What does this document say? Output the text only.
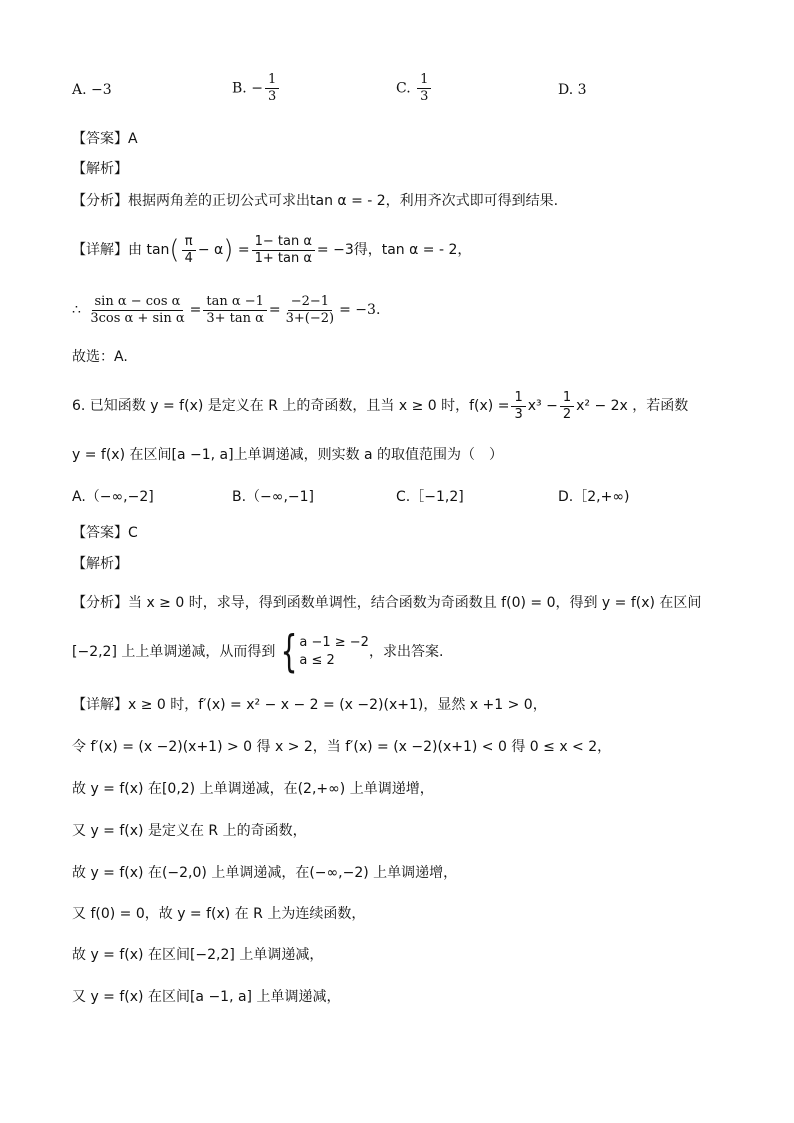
A. −3	B. − $\frac{1}{3}$	C. $\frac{1}{3}$	D. 3
【答案】A
【解析】
【分析】根据两角差的正切公式可求出tan α = - 2，利用齐次式即可得到结果.
【详解】由 $\tan( \frac{\pi}{4} - \alpha) = \frac{\text{1− tan α}}{\text{1+ tan α}} = -3$得，tan α = - 2，
∴ $\frac{\text{sin α − cos α}}{\text{3cos α + sin α}} = \frac{\text{tan α −1}}{\text{3+ tan α}} = \frac{-2-1}{3+(-2)} = -3$.
故选：A.
6. 已知函数 y = f(x) 是定义在 R 上的奇函数，且当 x ≥ 0 时，$f(x) = \frac{1}{3} x^3 - \frac{1}{2} x^2 - 2x$ ，若函数
y = f(x) 在区间[a −1, a]上单调递减，则实数 a 的取值范围为（　）
A.（−∞,−2]	B.（−∞,−1]	C.［−1,2]	D.［2,+∞)
【答案】C
【解析】
【分析】当 x ≥ 0 时，求导，得到函数单调性，结合函数为奇函数且 f(0) = 0，得到 y = f(x) 在区间
[−2,2] 上上单调递减，从而得到 { a −1 ≥ −2
a ≤ 2
，求出答案.
【详解】x ≥ 0 时，f′(x) = x² − x − 2 = (x −2)(x+1)，显然 x +1 > 0，
令 f′(x) = (x −2)(x+1) > 0 得 x > 2，当 f′(x) = (x −2)(x+1) < 0 得 0 ≤ x < 2，
故 y = f(x) 在[0,2) 上单调递减，在(2,+∞) 上单调递增，
又 y = f(x) 是定义在 R 上的奇函数，
故 y = f(x) 在(−2,0) 上单调递减，在(−∞,−2) 上单调递增，
又 f(0) = 0，故 y = f(x) 在 R 上为连续函数，
故 y = f(x) 在区间[−2,2] 上单调递减，
又 y = f(x) 在区间[a −1, a] 上单调递减，
